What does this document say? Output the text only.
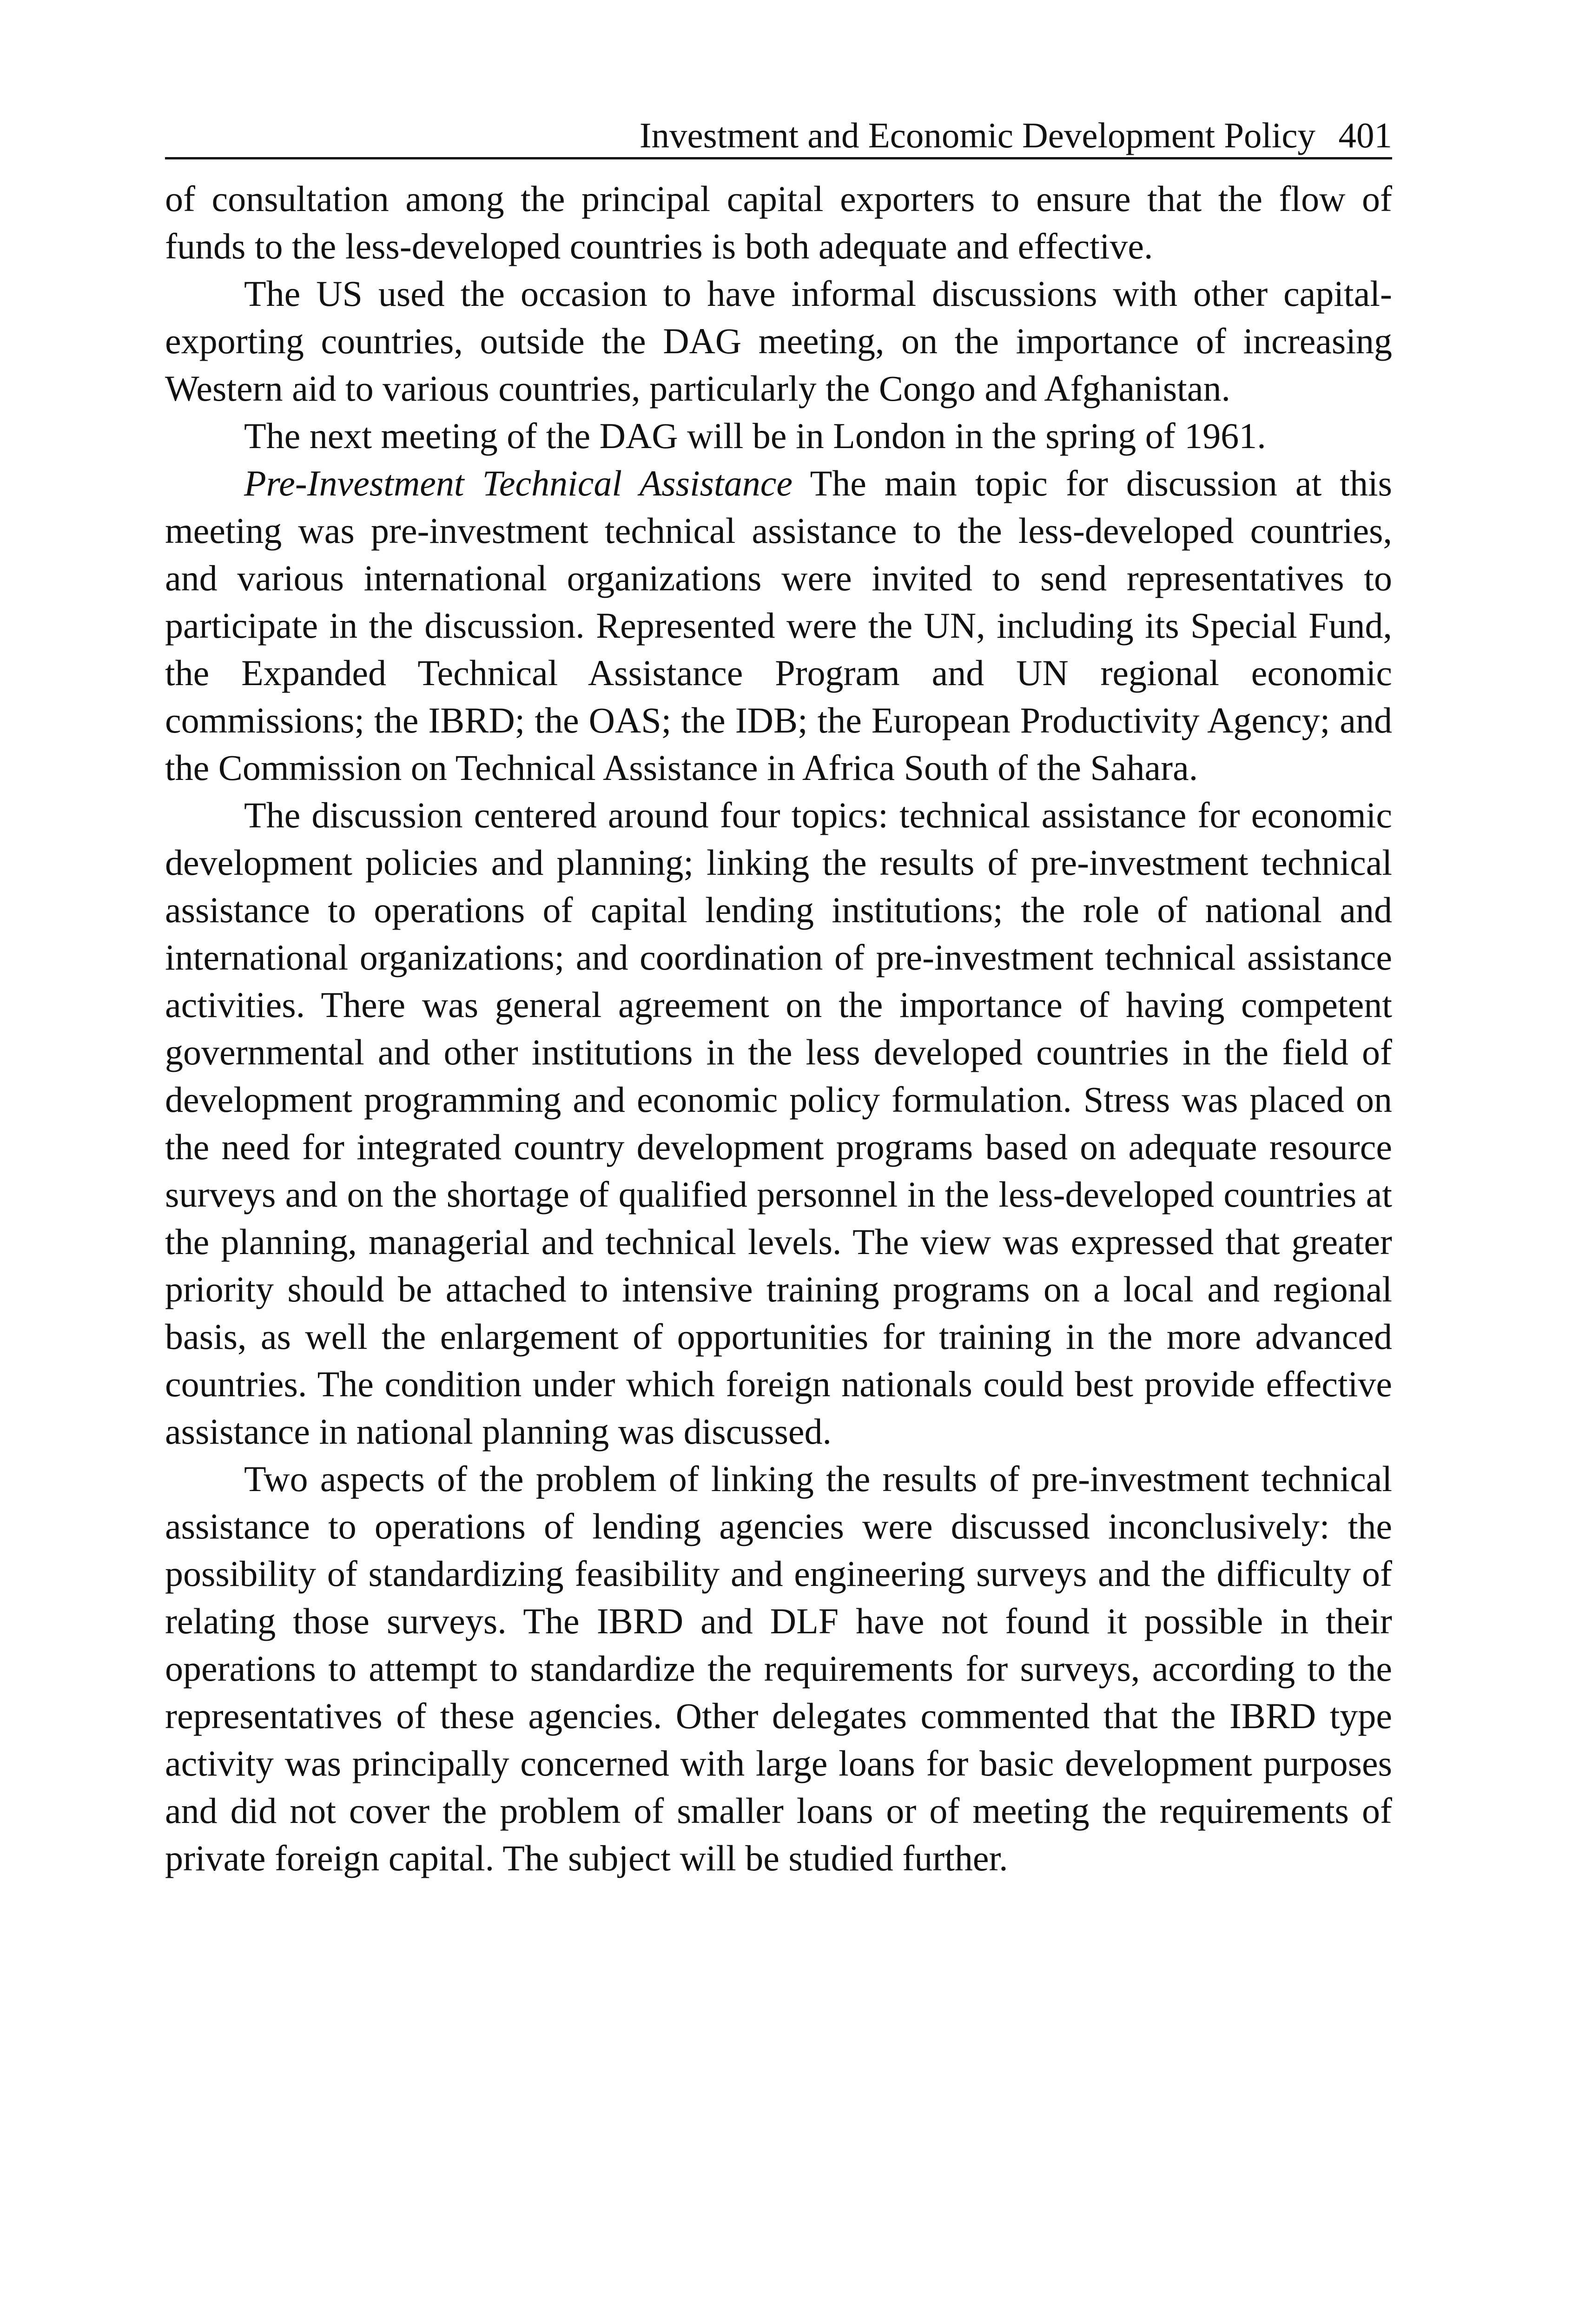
Investment and Economic Development Policy 401

of consultation among the principal capital exporters to ensure that the flow of funds to the less-developed countries is both adequate and effective.

The US used the occasion to have informal discussions with other capital-exporting countries, outside the DAG meeting, on the importance of increasing Western aid to various countries, particularly the Congo and Afghanistan.

The next meeting of the DAG will be in London in the spring of 1961.

Pre-Investment Technical Assistance The main topic for discussion at this meeting was pre-investment technical assistance to the less-developed countries, and various international organizations were invited to send representatives to participate in the discussion. Represented were the UN, including its Special Fund, the Expanded Technical Assistance Program and UN regional economic commissions; the IBRD; the OAS; the IDB; the European Productivity Agency; and the Commission on Technical Assistance in Africa South of the Sahara.

The discussion centered around four topics: technical assistance for economic development policies and planning; linking the results of pre-investment technical assistance to operations of capital lending institutions; the role of national and international organizations; and coordination of pre-investment technical assistance activities. There was general agreement on the importance of having competent governmental and other institutions in the less developed countries in the field of development programming and economic policy formulation. Stress was placed on the need for integrated country development programs based on adequate resource surveys and on the shortage of qualified personnel in the less-developed countries at the planning, managerial and technical levels. The view was expressed that greater priority should be attached to intensive training programs on a local and regional basis, as well the enlargement of opportunities for training in the more advanced countries. The condition under which foreign nationals could best provide effective assistance in national planning was discussed.

Two aspects of the problem of linking the results of pre-investment technical assistance to operations of lending agencies were discussed inconclusively: the possibility of standardizing feasibility and engineering surveys and the difficulty of relating those surveys. The IBRD and DLF have not found it possible in their operations to attempt to standardize the requirements for surveys, according to the representatives of these agencies. Other delegates commented that the IBRD type activity was principally concerned with large loans for basic development purposes and did not cover the problem of smaller loans or of meeting the requirements of private foreign capital. The subject will be studied further.
